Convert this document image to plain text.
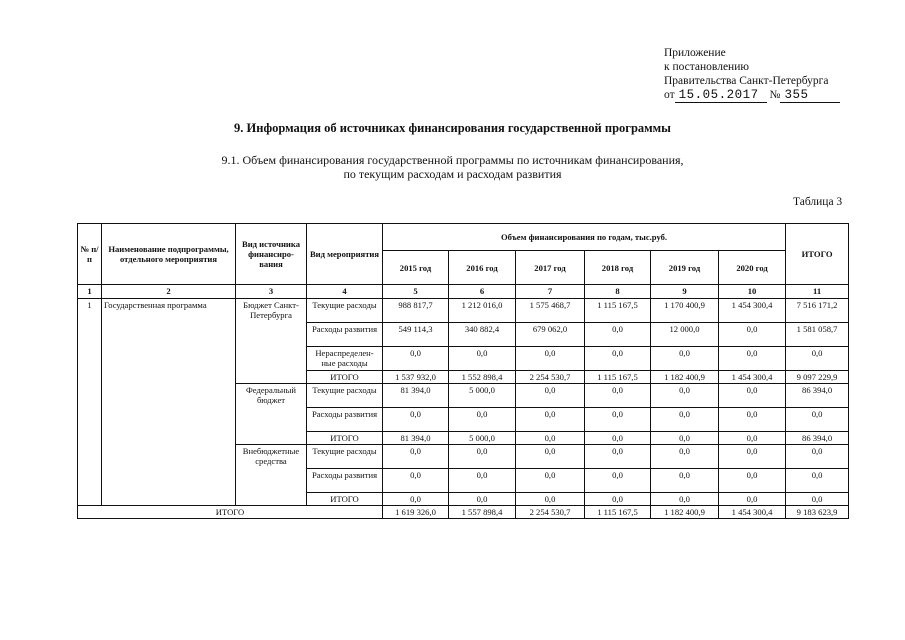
Приложение
к постановлению
Правительства Санкт-Петербурга
от 15.05.2017 № 355
9. Информация об источниках финансирования государственной программы
9.1. Объем финансирования государственной программы по источникам финансирования,
по текущим расходам и расходам развития
Таблица 3
№ п/п	Наименование подпрограммы, отдельного мероприятия	Вид источника финансиро-вания	Вид мероприятия	Объем финансирования по годам, тыс.руб.						ИТОГО
				2015 год	2016 год	2017 год	2018 год	2019 год	2020 год	
1	2	3	4	5	6	7	8	9	10	11
1	Государственная программа	Бюджет Санкт-Петербурга	Текущие расходы	988 817,7	1 212 016,0	1 575 468,7	1 115 167,5	1 170 400,9	1 454 300,4	7 516 171,2
			Расходы развития	549 114,3	340 882,4	679 062,0	0,0	12 000,0	0,0	1 581 058,7
			Нераспределен-ные расходы	0,0	0,0	0,0	0,0	0,0	0,0	0,0
			ИТОГО	1 537 932,0	1 552 898,4	2 254 530,7	1 115 167,5	1 182 400,9	1 454 300,4	9 097 229,9
		Федеральный бюджет	Текущие расходы	81 394,0	5 000,0	0,0	0,0	0,0	0,0	86 394,0
			Расходы развития	0,0	0,0	0,0	0,0	0,0	0,0	0,0
			ИТОГО	81 394,0	5 000,0	0,0	0,0	0,0	0,0	86 394,0
		Внебюджетные средства	Текущие расходы	0,0	0,0	0,0	0,0	0,0	0,0	0,0
			Расходы развития	0,0	0,0	0,0	0,0	0,0	0,0	0,0
			ИТОГО	0,0	0,0	0,0	0,0	0,0	0,0	0,0
ИТОГО				1 619 326,0	1 557 898,4	2 254 530,7	1 115 167,5	1 182 400,9	1 454 300,4	9 183 623,9
